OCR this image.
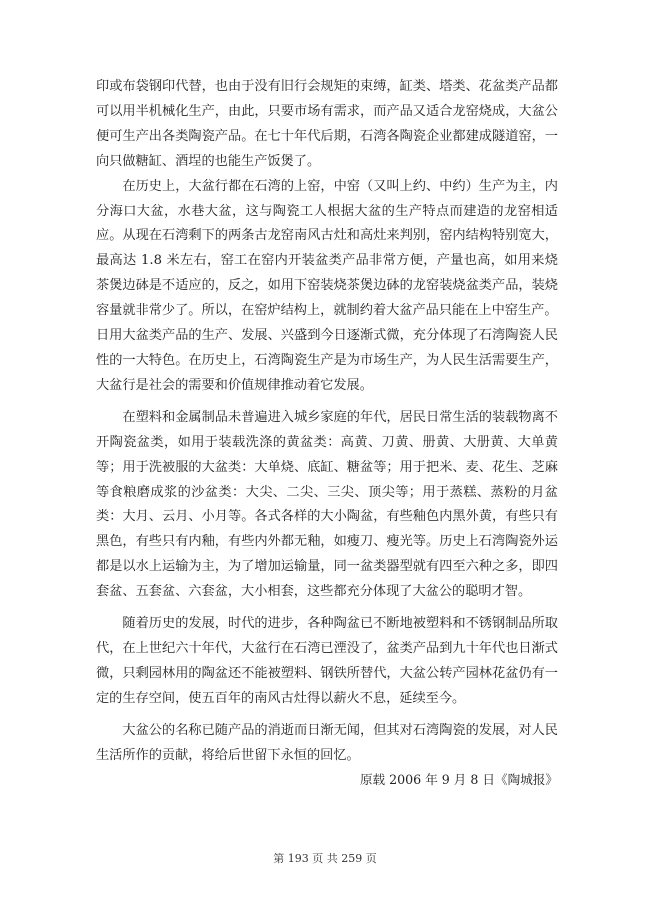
印或布袋钢印代替，也由于没有旧行会规矩的束缚，缸类、塔类、花盆类产品都可以用半机械化生产，由此，只要市场有需求，而产品又适合龙窑烧成，大盆公便可生产出各类陶瓷产品。在七十年代后期，石湾各陶瓷企业都建成隧道窑，一向只做糖缸、酒埕的也能生产饭煲了。

在历史上，大盆行都在石湾的上窑，中窑（又叫上约、中约）生产为主，内分海口大盆，水巷大盆，这与陶瓷工人根据大盆的生产特点而建造的龙窑相适应。从现在石湾剩下的两条古龙窑南风古灶和高灶来判别，窑内结构特别宽大，最高达 1.8 米左右，窑工在窑内开装盆类产品非常方便，产量也高，如用来烧茶煲边砵是不适应的，反之，如用下窑装烧茶煲边砵的龙窑装烧盆类产品，装烧容量就非常少了。所以，在窑炉结构上，就制约着大盆产品只能在上中窑生产。

日用大盆类产品的生产、发展、兴盛到今日逐渐式微，充分体现了石湾陶瓷人民性的一大特色。在历史上，石湾陶瓷生产是为市场生产，为人民生活需要生产，大盆行是社会的需要和价值规律推动着它发展。

在塑料和金属制品未普遍进入城乡家庭的年代，居民日常生活的装载物离不开陶瓷盆类，如用于装载洗涤的黄盆类：高黄、刀黄、册黄、大册黄、大单黄等；用于洗被服的大盆类：大单烧、底缸、糖盆等；用于把米、麦、花生、芝麻等食粮磨成浆的沙盆类：大尖、二尖、三尖、顶尖等；用于蒸糕、蒸粉的月盆类：大月、云月、小月等。各式各样的大小陶盆，有些釉色内黑外黄，有些只有黑色，有些只有内釉，有些内外都无釉，如瘦刀、瘦光等。历史上石湾陶瓷外运都是以水上运输为主，为了增加运输量，同一盆类器型就有四至六种之多，即四套盆、五套盆、六套盆，大小相套，这些都充分体现了大盆公的聪明才智。

随着历史的发展，时代的进步，各种陶盆已不断地被塑料和不锈钢制品所取代，在上世纪六十年代，大盆行在石湾已湮没了，盆类产品到九十年代也日渐式微，只剩园林用的陶盆还不能被塑料、钢铁所替代，大盆公转产园林花盆仍有一定的生存空间，使五百年的南风古灶得以薪火不息，延续至今。

大盆公的名称已随产品的消逝而日渐无闻，但其对石湾陶瓷的发展，对人民生活所作的贡献，将给后世留下永恒的回忆。

原载 2006 年 9 月 8 日《陶城报》

第 193 页 共 259 页
